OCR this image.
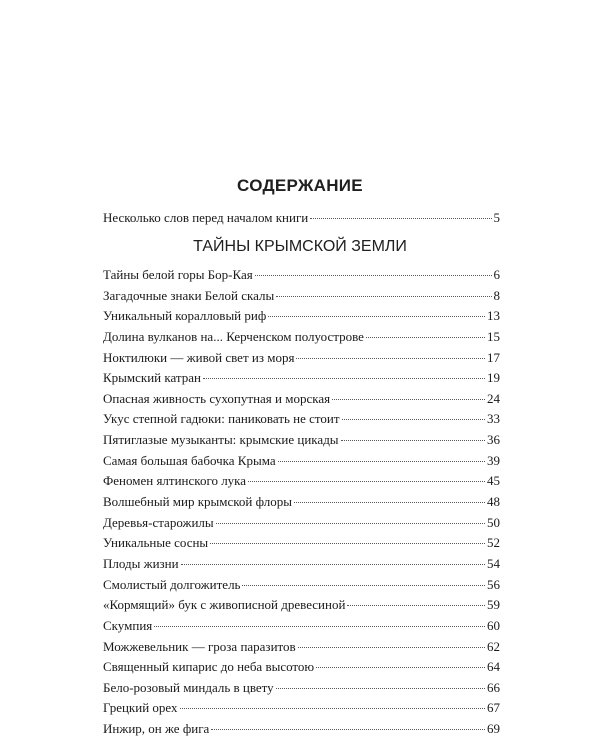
СОДЕРЖАНИЕ
Несколько слов перед началом книги	5
ТАЙНЫ КРЫМСКОЙ ЗЕМЛИ
Тайны белой горы Бор-Кая	6
Загадочные знаки Белой скалы	8
Уникальный коралловый риф	13
Долина вулканов на... Керченском полуострове	15
Ноктилюки — живой свет из моря	17
Крымский катран	19
Опасная живность сухопутная и морская	24
Укус степной гадюки: паниковать не стоит	33
Пятиглазые музыканты: крымские цикады	36
Самая большая бабочка Крыма	39
Феномен ялтинского лука	45
Волшебный мир крымской флоры	48
Деревья-старожилы	50
Уникальные сосны	52
Плоды жизни	54
Смолистый долгожитель	56
«Кормящий» бук с живописной древесиной	59
Скумпия	60
Можжевельник — гроза паразитов	62
Священный кипарис до неба высотою	64
Бело-розовый миндаль в цвету	66
Грецкий орех	67
Инжир, он же фига	69
